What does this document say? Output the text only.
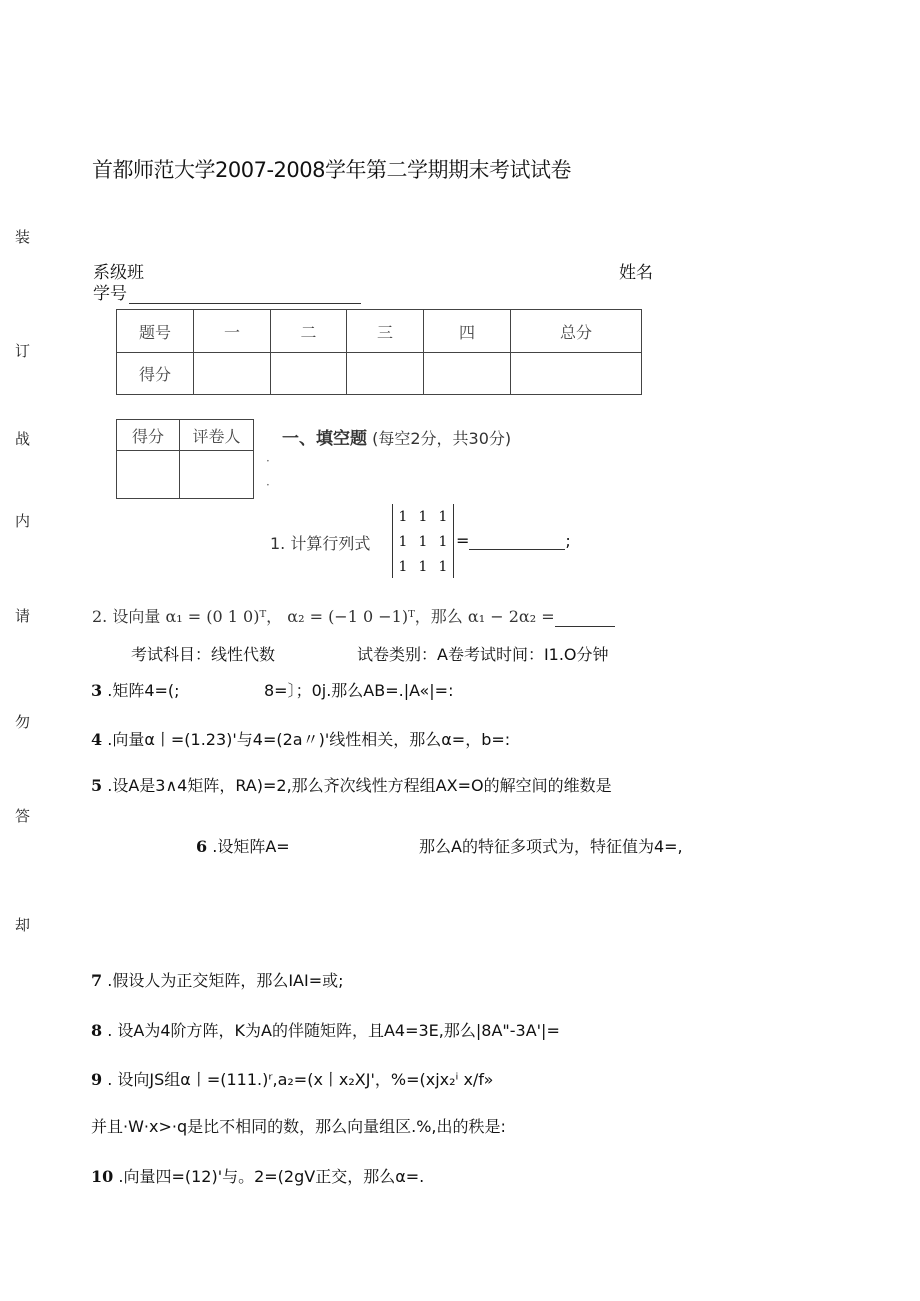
首都师范大学2007-2008学年第二学期期末考试试卷
装
订
战
内
请
勿
答
却
系级班	姓名
学号
题号	一	二	三	四	总分
得分					
得分	评卷人
	一、填空题 (每空2分，共30分)
·
·
1. 计算行列式
1 1 1
1 1 1
1 1 1
=	;
2. 设向量 α₁ = (0 1 0)ᵀ， α₂ = (−1 0 −1)ᵀ，那么 α₁ − 2α₂ =
考试科目：线性代数	试卷类别：A卷考试时间：I1.O分钟
3 .矩阵4=(;	8=〕；0j.那么AB=.|A«|=:
4 .向量α丨=(1.23)'与4=(2a〃)'线性相关，那么α=，b=:
5 .设A是3∧4矩阵，RA)=2,那么齐次线性方程组AX=O的解空间的维数是
6 .设矩阵A=	那么A的特征多项式为，特征值为4=,
7 .假设人为正交矩阵，那么IAI=或;
8 . 设A为4阶方阵，K为A的伴随矩阵，且A4=3E,那么|8A"-3A'|=
9 . 设向JS组α丨=(111.)ʳ,a₂=(x丨x₂XJ'，%=(xjx₂ⁱ x/f»
并且·W·x>·q是比不相同的数，那么向量组区.%,出的秩是:
10 .向量四=(12)'与。2=(2gV正交，那么α=.
